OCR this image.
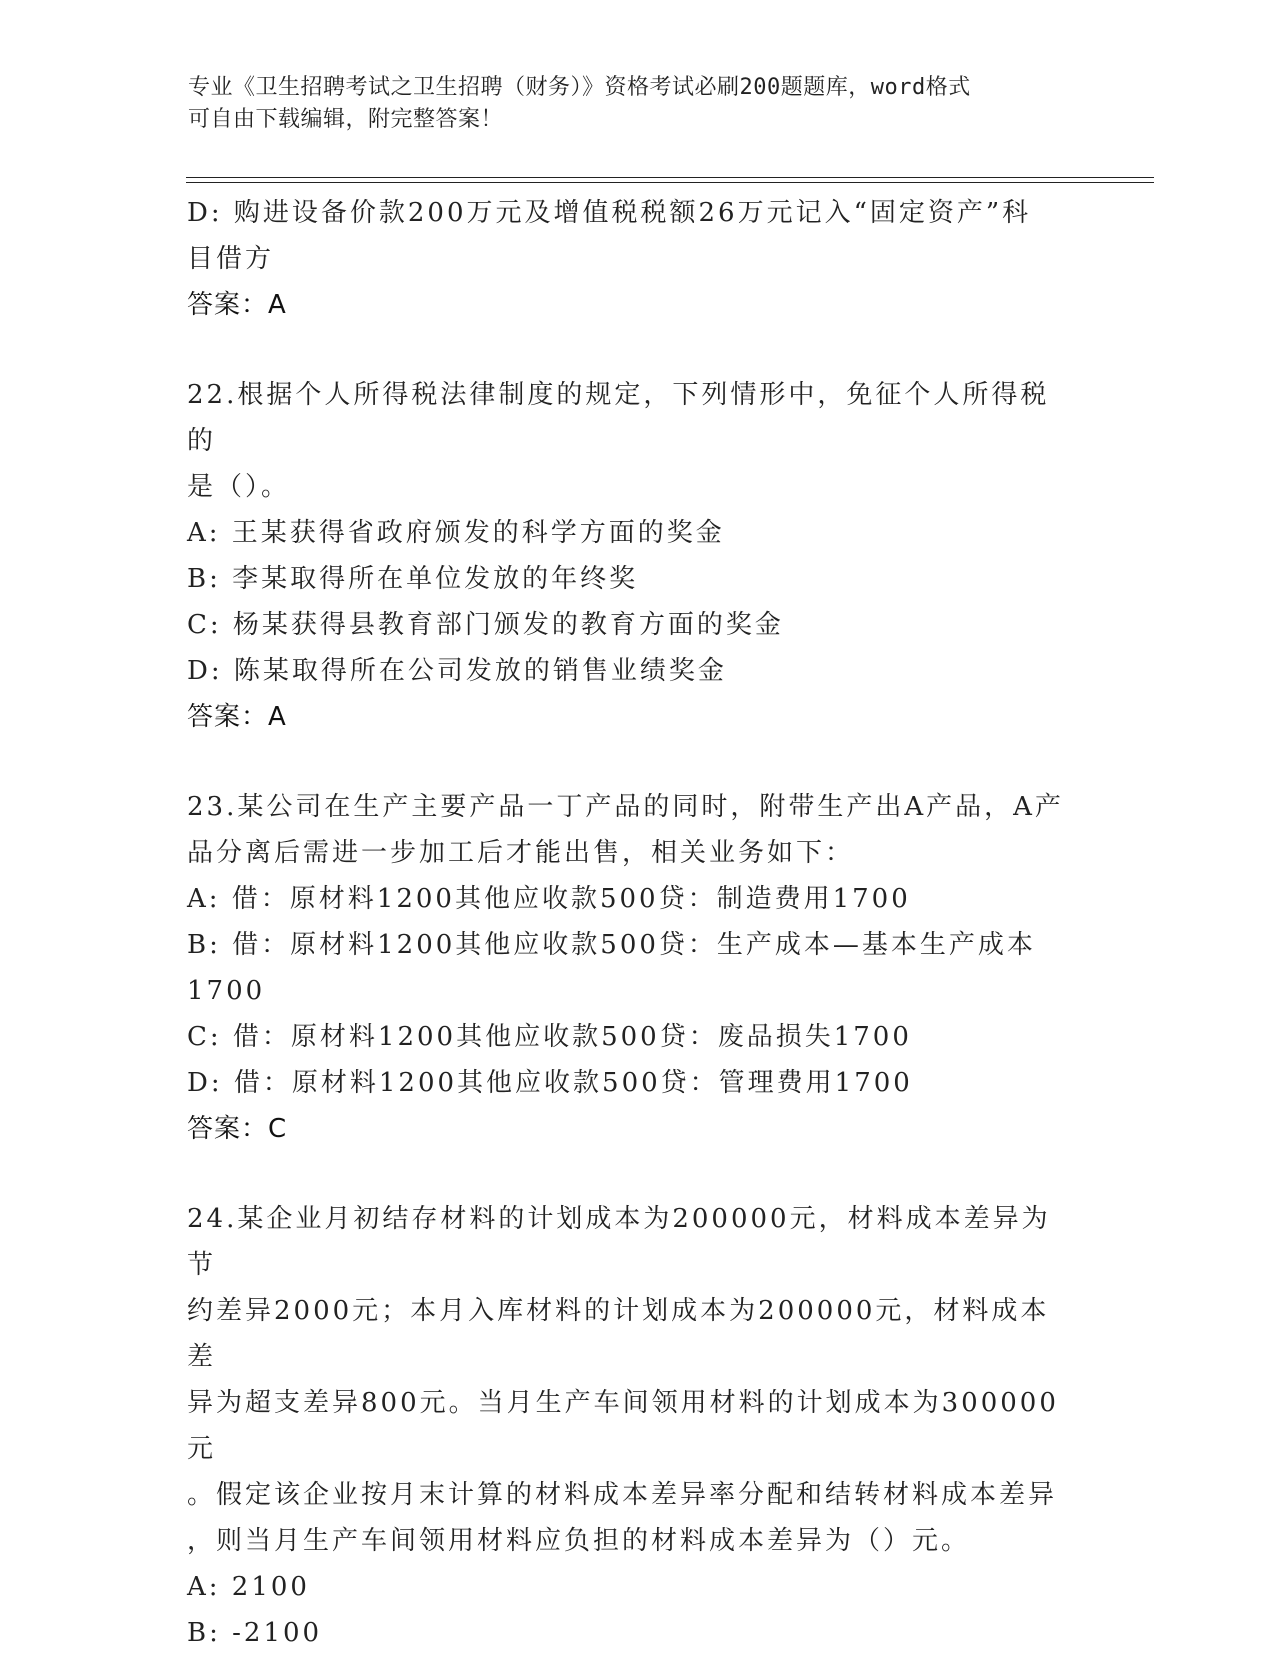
专业《卫生招聘考试之卫生招聘（财务）》资格考试必刷200题题库，word格式
可自由下载编辑，附完整答案！
D: 购进设备价款200万元及增值税税额26万元记入“固定资产”科
目借方
答案：A
22.根据个人所得税法律制度的规定，下列情形中，免征个人所得税的
是（）。
A: 王某获得省政府颁发的科学方面的奖金
B: 李某取得所在单位发放的年终奖
C: 杨某获得县教育部门颁发的教育方面的奖金
D: 陈某取得所在公司发放的销售业绩奖金
答案：A
23.某公司在生产主要产品一丁产品的同时，附带生产出A产品，A产
品分离后需进一步加工后才能出售，相关业务如下：
A: 借：原材料1200其他应收款500贷：制造费用1700
B: 借：原材料1200其他应收款500贷：生产成本—基本生产成本
1700
C: 借：原材料1200其他应收款500贷：废品损失1700
D: 借：原材料1200其他应收款500贷：管理费用1700
答案：C
24.某企业月初结存材料的计划成本为200000元，材料成本差异为节
约差异2000元；本月入库材料的计划成本为200000元，材料成本差
异为超支差异800元。当月生产车间领用材料的计划成本为300000元
。假定该企业按月末计算的材料成本差异率分配和结转材料成本差异
，则当月生产车间领用材料应负担的材料成本差异为（）元。
A: 2100
B: -2100
